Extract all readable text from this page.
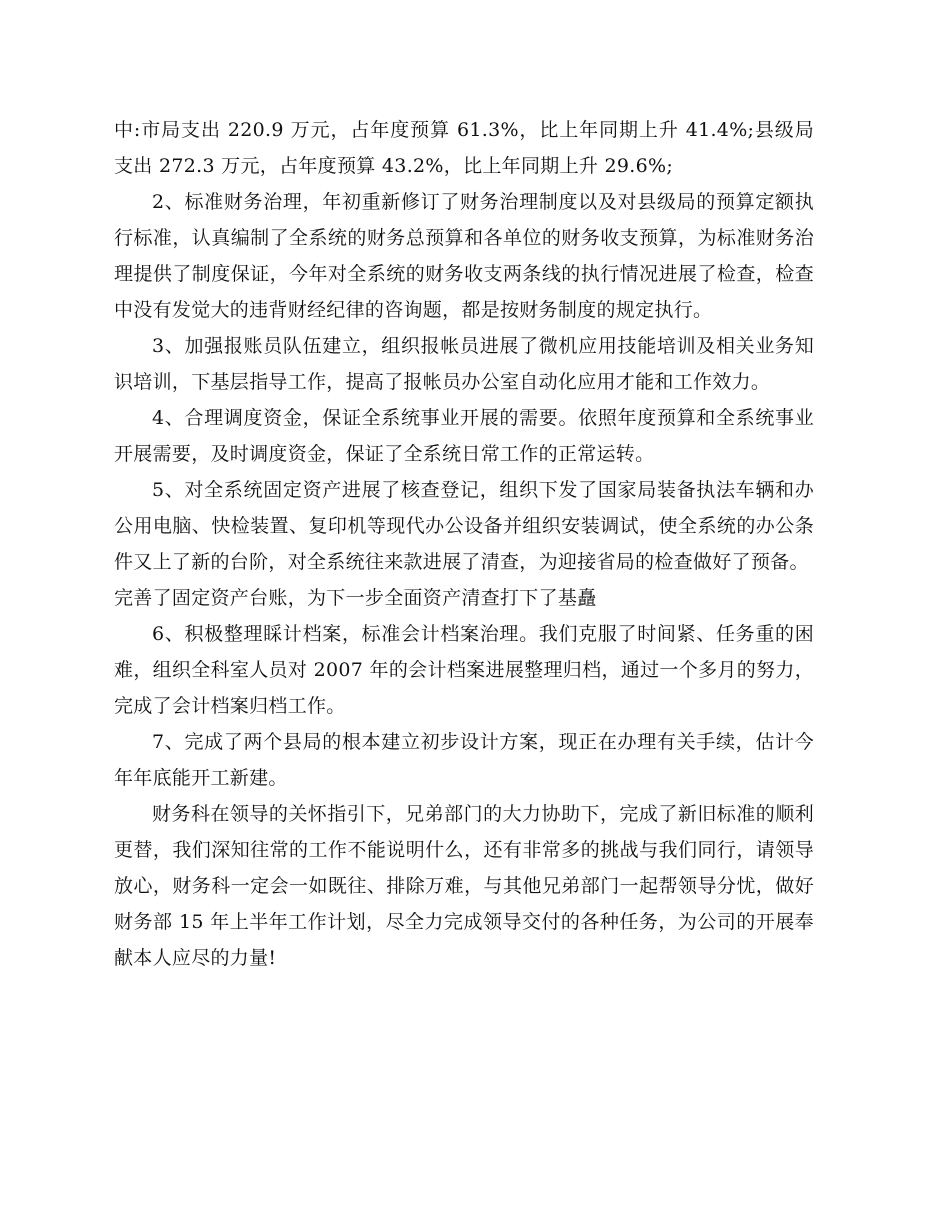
中:市局支出 220.9 万元，占年度预算 61.3%，比上年同期上升 41.4%;县级局支出 272.3 万元，占年度预算 43.2%，比上年同期上升 29.6%;

2、标准财务治理，年初重新修订了财务治理制度以及对县级局的预算定额执行标准，认真编制了全系统的财务总预算和各单位的财务收支预算，为标准财务治理提供了制度保证，今年对全系统的财务收支两条线的执行情况进展了检查，检查中没有发觉大的违背财经纪律的咨询题，都是按财务制度的规定执行。

3、加强报账员队伍建立，组织报帐员进展了微机应用技能培训及相关业务知识培训，下基层指导工作，提高了报帐员办公室自动化应用才能和工作效力。

4、合理调度资金，保证全系统事业开展的需要。依照年度预算和全系统事业开展需要，及时调度资金，保证了全系统日常工作的正常运转。

5、对全系统固定资产进展了核查登记，组织下发了国家局装备执法车辆和办公用电脑、快检装置、复印机等现代办公设备并组织安装调试，使全系统的办公条件又上了新的台阶，对全系统往来款进展了清查，为迎接省局的检查做好了预备。

完善了固定资产台账，为下一步全面资产清查打下了基矗

6、积极整理睬计档案，标准会计档案治理。我们克服了时间紧、任务重的困难，组织全科室人员对 2007 年的会计档案进展整理归档，通过一个多月的努力，完成了会计档案归档工作。

7、完成了两个县局的根本建立初步设计方案，现正在办理有关手续，估计今年年底能开工新建。

财务科在领导的关怀指引下，兄弟部门的大力协助下，完成了新旧标准的顺利更替，我们深知往常的工作不能说明什么，还有非常多的挑战与我们同行，请领导放心，财务科一定会一如既往、排除万难，与其他兄弟部门一起帮领导分忧，做好财务部 15 年上半年工作计划，尽全力完成领导交付的各种任务，为公司的开展奉献本人应尽的力量!
